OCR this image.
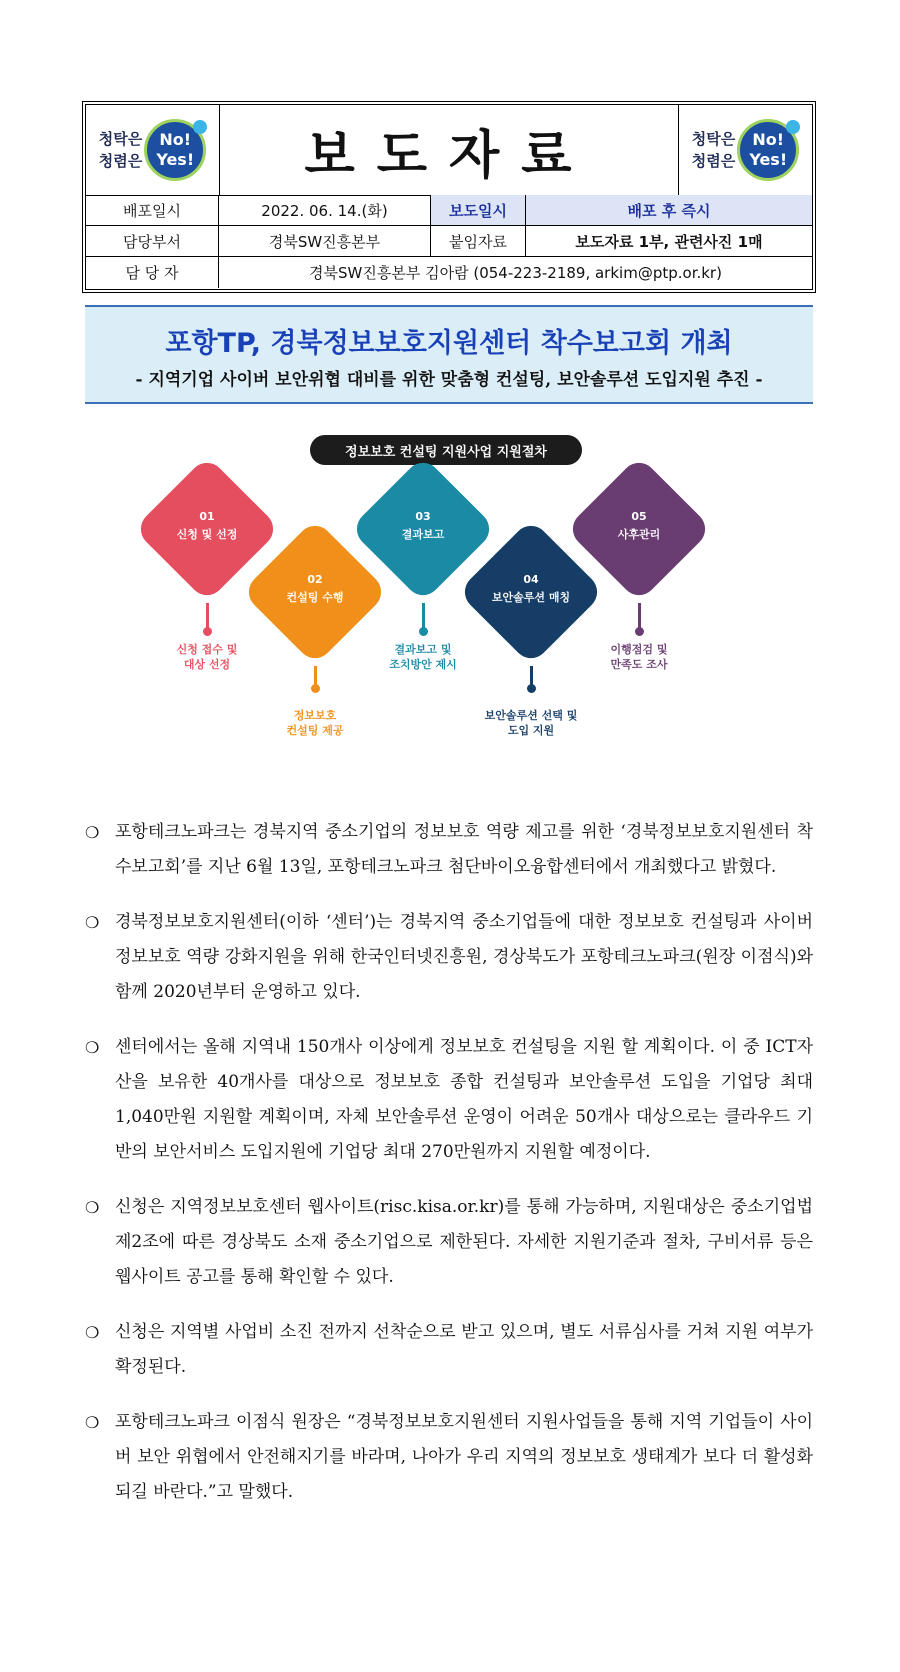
청탁은
청렴은
No!
Yes!	보도자료	청탁은
청렴은
No!
Yes!
배포일시	2022. 06. 14.(화)	보도일시	배포 후 즉시
담당부서	경북SW진흥본부	붙임자료	보도자료 1부, 관련사진 1매
담 당 자	경북SW진흥본부 김아람 (054-223-2189, arkim@ptp.or.kr)
포항TP, 경북정보보호지원센터 착수보고회 개최
- 지역기업 사이버 보안위협 대비를 위한 맞춤형 컨설팅, 보안솔루션 도입지원 추진 -
정보보호 컨설팅 지원사업 지원절차
01
신청 및 선정
신청 접수 및
대상 선정
02
컨설팅 수행
정보보호
컨설팅 제공
03
결과보고
결과보고 및
조치방안 제시
04
보안솔루션 매칭
보안솔루션 선택 및
도입 지원
05
사후관리
이행점검 및
만족도 조사
❍ 포항테크노파크는 경북지역 중소기업의 정보보호 역량 제고를 위한 ‘경북정보보호지원센터 착수보고회’를 지난 6월 13일, 포항테크노파크 첨단바이오융합센터에서 개최했다고 밝혔다.
❍ 경북정보보호지원센터(이하 ‘센터’)는 경북지역 중소기업들에 대한 정보보호 컨설팅과 사이버 정보보호 역량 강화지원을 위해 한국인터넷진흥원, 경상북도가 포항테크노파크(원장 이점식)와 함께 2020년부터 운영하고 있다.
❍ 센터에서는 올해 지역내 150개사 이상에게 정보보호 컨설팅을 지원 할 계획이다. 이 중 ICT자산을 보유한 40개사를 대상으로 정보보호 종합 컨설팅과 보안솔루션 도입을 기업당 최대 1,040만원 지원할 계획이며, 자체 보안솔루션 운영이 어려운 50개사 대상으로는 클라우드 기반의 보안서비스 도입지원에 기업당 최대 270만원까지 지원할 예정이다.
❍ 신청은 지역정보보호센터 웹사이트(risc.kisa.or.kr)를 통해 가능하며, 지원대상은 중소기업법 제2조에 따른 경상북도 소재 중소기업으로 제한된다. 자세한 지원기준과 절차, 구비서류 등은 웹사이트 공고를 통해 확인할 수 있다.
❍ 신청은 지역별 사업비 소진 전까지 선착순으로 받고 있으며, 별도 서류심사를 거쳐 지원 여부가 확정된다.
❍ 포항테크노파크 이점식 원장은 “경북정보보호지원센터 지원사업들을 통해 지역 기업들이 사이버 보안 위협에서 안전해지기를 바라며, 나아가 우리 지역의 정보보호 생태계가 보다 더 활성화되길 바란다.”고 말했다.
